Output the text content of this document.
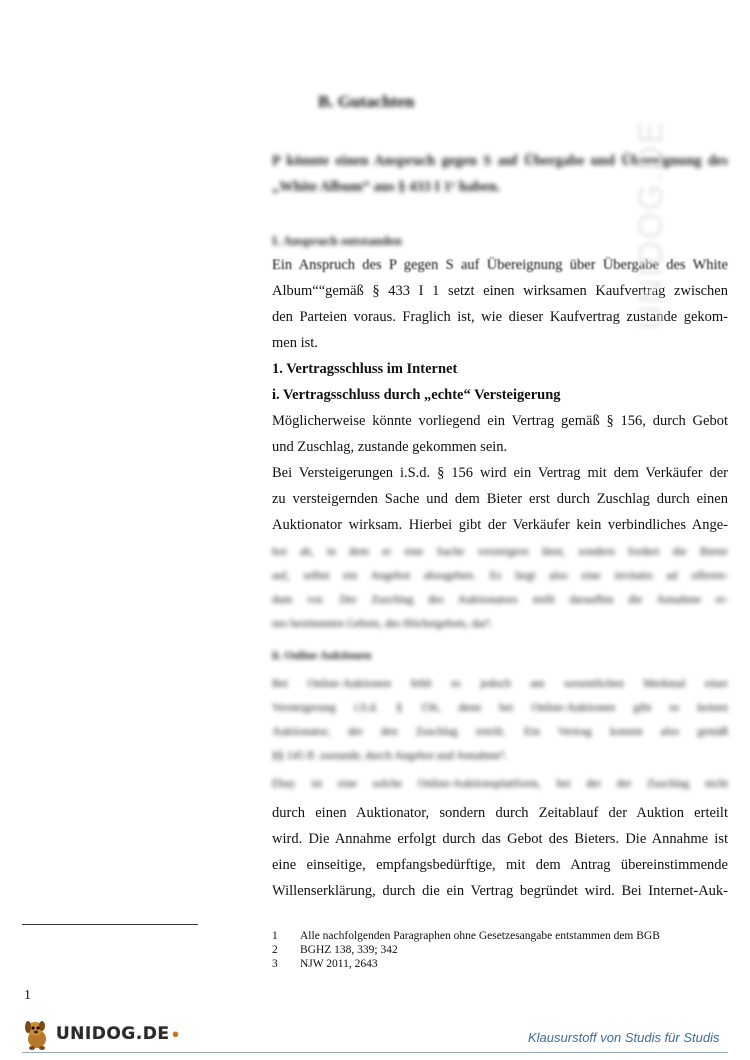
B. Gutachten
P könnte einen Anspruch gegen S auf Übergabe und Übereignung des
„White Album“ aus § 433 I 1¹ haben.
I. Anspruch entstanden
Ein Anspruch des P gegen S auf Übereignung über Übergabe des White
Album““gemäß § 433 I 1 setzt einen wirksamen Kaufvertrag zwischen
den Parteien voraus. Fraglich ist, wie dieser Kaufvertrag zustande gekom-
men ist.
1. Vertragsschluss im Internet
i. Vertragsschluss durch „echte“ Versteigerung
Möglicherweise könnte vorliegend ein Vertrag gemäß § 156, durch Gebot
und Zuschlag, zustande gekommen sein.
Bei Versteigerungen i.S.d. § 156 wird ein Vertrag mit dem Verkäufer der
zu versteigernden Sache und dem Bieter erst durch Zuschlag durch einen
Auktionator wirksam. Hierbei gibt der Verkäufer kein verbindliches Ange-
bot ab, in dem er eine Sache versteigern lässt, sondern fordert die Bieter
auf, selbst ein Angebot abzugeben. Es liegt also eine invitatio ad offeren-
dum vor. Der Zuschlag des Auktionators stellt daraufhin die Annahme ei-
nes bestimmten Gebots, des Höchstgebots, dar².
ii. Online Auktionen
Bei Online-Auktionen fehlt es jedoch am wesentlichen Merkmal einer
Versteigerung i.S.d. § 156, denn bei Online-Auktionen gibt es keinen
Auktionator, der den Zuschlag erteilt. Ein Vertrag kommt also gemäß
§§ 145 ff. zustande, durch Angebot und Annahme³.
Ebay ist eine solche Online-Auktionsplattform, bei der der Zuschlag nicht
durch einen Auktionator, sondern durch Zeitablauf der Auktion erteilt
wird. Die Annahme erfolgt durch das Gebot des Bieters. Die Annahme ist
eine einseitige, empfangsbedürftige, mit dem Antrag übereinstimmende
Willenserklärung, durch die ein Vertrag begründet wird. Bei Internet-Auk-
UNIDOG.DE
1 Alle nachfolgenden Paragraphen ohne Gesetzesangabe entstammen dem BGB
2 BGHZ 138, 339; 342
3 NJW 2011, 2643
1
UNIDOG.DE ●	Klausurstoff von Studis für Studis
